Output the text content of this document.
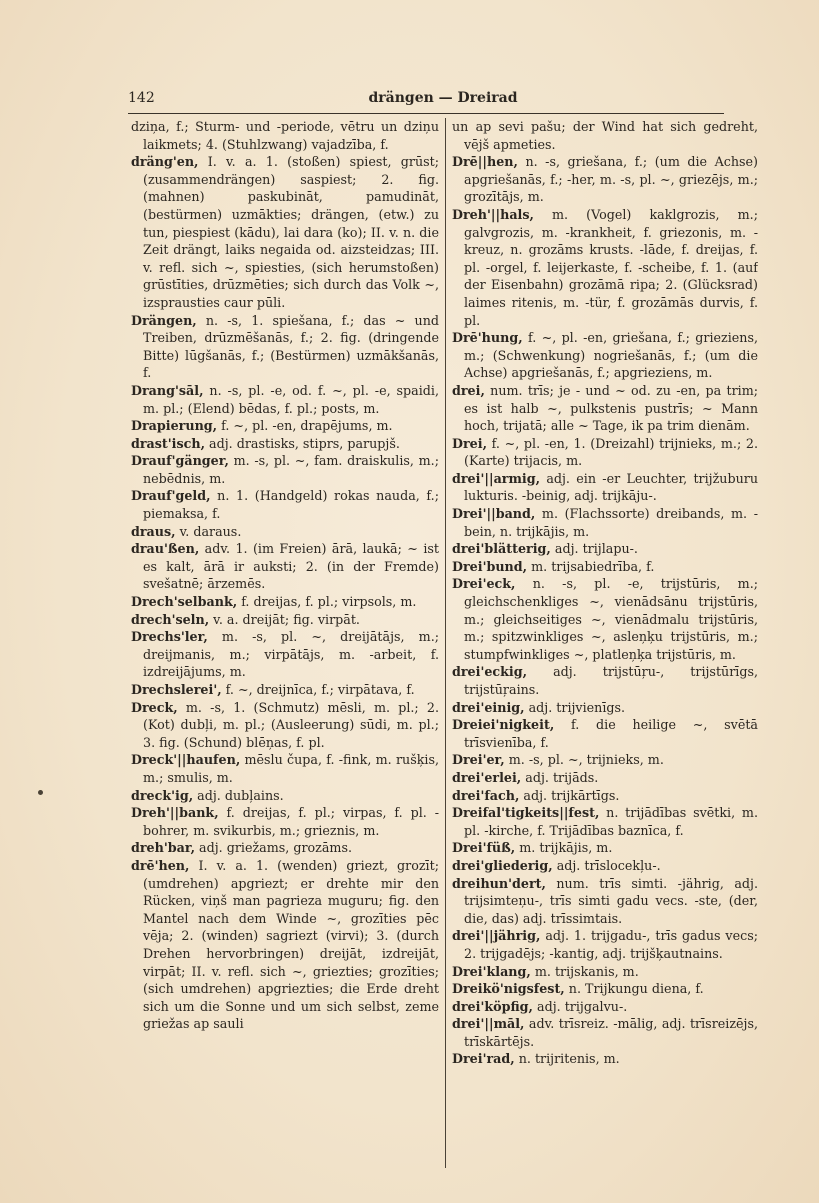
142	drängen — Dreirad

dziņa, f.; Sturm- und -periode, vētru un dziņu laikmets; 4. (Stuhlzwang) vajadzība, f.

dräng'en, I. v. a. 1. (stoßen) spiest, grūst; (zusammendrängen) saspiest; 2. fig. (mahnen) paskubināt, pamudināt, (bestürmen) uzmākties; drängen, (etw.) zu tun, piespiest (kādu), lai dara (ko); II. v. n. die Zeit drängt, laiks negaida od. aizsteidzas; III. v. refl. sich ~, spiesties, (sich herumstoßen) grūstīties, drūzmēties; sich durch das Volk ~, izsprausties caur pūli.

Drängen, n. -s, 1. spiešana, f.; das ~ und Treiben, drūzmēšanās, f.; 2. fig. (dringende Bitte) lūgšanās, f.; (Bestürmen) uzmākšanās, f.

Drang'sāl, n. -s, pl. -e, od. f. ~, pl. -e, spaidi, m. pl.; (Elend) bēdas, f. pl.; posts, m.

Drapierung, f. ~, pl. -en, drapējums, m.

drast'isch, adj. drastisks, stiprs, parupjš.

Drauf'gänger, m. -s, pl. ~, fam. draiskulis, m.; nebēdnis, m.

Drauf'geld, n. 1. (Handgeld) rokas nauda, f.; piemaksa, f.

draus, v. daraus.

drau'ßen, adv. 1. (im Freien) ārā, laukā; ~ ist es kalt, ārā ir auksti; 2. (in der Fremde) svešatnē; ārzemēs.

Drech'selbank, f. dreijas, f. pl.; virpsols, m.

drech'seln, v. a. dreijāt; fig. virpāt.

Drechs'ler, m. -s, pl. ~, dreijātājs, m.; dreijmanis, m.; virpātājs, m. -arbeit, f. izdreijājums, m.

Drechslerei', f. ~, dreijnīca, f.; virpātava, f.

Dreck, m. -s, 1. (Schmutz) mēsli, m. pl.; 2. (Kot) dubļi, m. pl.; (Ausleerung) sūdi, m. pl.; 3. fig. (Schund) blēņas, f. pl.

Dreck'||haufen, mēslu čupa, f. -fink, m. rušķis, m.; smulis, m.

dreck'ig, adj. dubļains.

Dreh'||bank, f. dreijas, f. pl.; virpas, f. pl. -bohrer, m. svikurbis, m.; grieznis, m.

dreh'bar, adj. griežams, grozāms.

drē'hen, I. v. a. 1. (wenden) griezt, grozīt; (umdrehen) apgriezt; er drehte mir den Rücken, viņš man pagrieza muguru; fig. den Mantel nach dem Winde ~, grozīties pēc vēja; 2. (winden) sagriezt (virvi); 3. (durch Drehen hervorbringen) dreijāt, izdreijāt, virpāt; II. v. refl. sich ~, griezties; grozīties; (sich umdrehen) apgriezties; die Erde dreht sich um die Sonne und um sich selbst, zeme griežas ap sauli

un ap sevi pašu; der Wind hat sich gedreht, vējš apmeties.

Drē||hen, n. -s, griešana, f.; (um die Achse) apgriešanās, f.; -her, m. -s, pl. ~, griezējs, m.; grozītājs, m.

Dreh'||hals, m. (Vogel) kaklgrozis, m.; galvgrozis, m. -krankheit, f. griezonis, m. -kreuz, n. grozāms krusts. -lāde, f. dreijas, f. pl. -orgel, f. leijerkaste, f. -scheibe, f. 1. (auf der Eisenbahn) grozāmā ripa; 2. (Glücksrad) laimes ritenis, m. -tür, f. grozāmās durvis, f. pl.

Drē'hung, f. ~, pl. -en, griešana, f.; grieziens, m.; (Schwenkung) nogriešanās, f.; (um die Achse) apgriešanās, f.; apgrieziens, m.

drei, num. trīs; je - und ~ od. zu -en, pa trim; es ist halb ~, pulkstenis pustrīs; ~ Mann hoch, trijatā; alle ~ Tage, ik pa trim dienām.

Drei, f. ~, pl. -en, 1. (Dreizahl) trijnieks, m.; 2. (Karte) trijacis, m.

drei'||armig, adj. ein -er Leuchter, trijžuburu lukturis. -beinig, adj. trijkāju-.

Drei'||band, m. (Flachssorte) dreibands, m. -bein, n. trijkājis, m.

drei'blätterig, adj. trijlapu-.

Drei'bund, m. trijsabiedrība, f.

Drei'eck, n. -s, pl. -e, trijstūris, m.; gleichschenkliges ~, vienādsānu trijstūris, m.; gleichseitiges ~, vienādmalu trijstūris, m.; spitzwinkliges ~, asleņķu trijstūris, m.; stumpfwinkliges ~, platleņķa trijstūris, m.

drei'eckig, adj. trijstūŗu-, trijstūrīgs, trijstūŗains.

drei'einig, adj. trijvienīgs.

Dreiei'nigkeit, f. die heilige ~, svētā trīsvienība, f.

Drei'er, m. -s, pl. ~, trijnieks, m.

drei'erlei, adj. trijāds.

drei'fach, adj. trijkārtīgs.

Dreifal'tigkeits||fest, n. trijādības svētki, m. pl. -kirche, f. Trijādības baznīca, f.

Drei'füß, m. trijkājis, m.

drei'gliederig, adj. trīslocekļu-.

dreihun'dert, num. trīs simti. -jährig, adj. trijsimteņu-, trīs simti gadu vecs. -ste, (der, die, das) adj. trīssimtais.

drei'||jährig, adj. 1. trijgadu-, trīs gadus vecs; 2. trijgadējs; -kantig, adj. trijšķautnains.

Drei'klang, m. trijskanis, m.

Dreikö'nigsfest, n. Trijkungu diena, f.

drei'köpfig, adj. trijgalvu-.

drei'||māl, adv. trīsreiz. -mālig, adj. trīsreizējs, trīskārtējs.

Drei'rad, n. trijritenis, m.
